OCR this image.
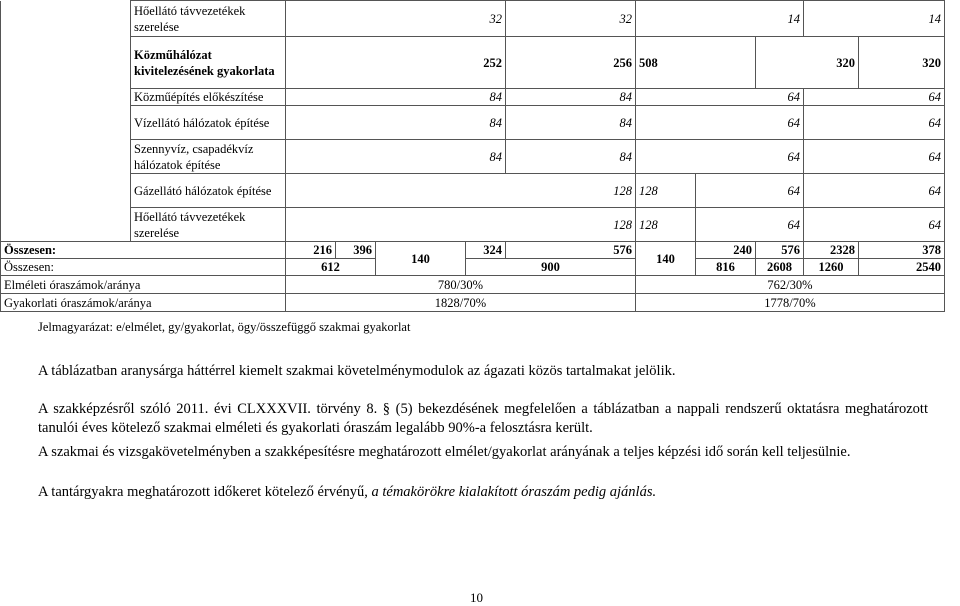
	Hőellátó távvezetékek szerelése	32				32	14			14	
	Közműhálózat kivitelezésének gyakorlata	252				256	508		320		320
	Közműépítés előkészítése	84				84	64			64	
	Vízellátó hálózatok építése	84				84	64			64	
	Szennyvíz, csapadékvíz hálózatok építése	84				84	64			64	
	Gázellátó hálózatok építése	128					128	64		64	
	Hőellátó távvezetékek szerelése	128					128	64		64	
Összesen:		216	396	140	324	576	140	240	576	2328	378
Összesen:		612			900			816	2608	1260	2540
Elméleti óraszámok/aránya		780/30%					762/30%				
Gyakorlati óraszámok/aránya		1828/70%					1778/70%				
Jelmagyarázat: e/elmélet, gy/gyakorlat, ögy/összefüggő szakmai gyakorlat
A táblázatban aranysárga háttérrel kiemelt szakmai követelménymodulok az ágazati közös tartalmakat jelölik.
A szakképzésről szóló 2011. évi CLXXXVII. törvény 8. § (5) bekezdésének megfelelően a táblázatban a nappali rendszerű oktatásra meghatározott tanulói éves kötelező szakmai elméleti és gyakorlati óraszám legalább 90%-a felosztásra került.
A szakmai és vizsgakövetelményben a szakképesítésre meghatározott elmélet/gyakorlat arányának a teljes képzési idő során kell teljesülnie.
A tantárgyakra meghatározott időkeret kötelező érvényű, a témakörökre kialakított óraszám pedig ajánlás.
10
